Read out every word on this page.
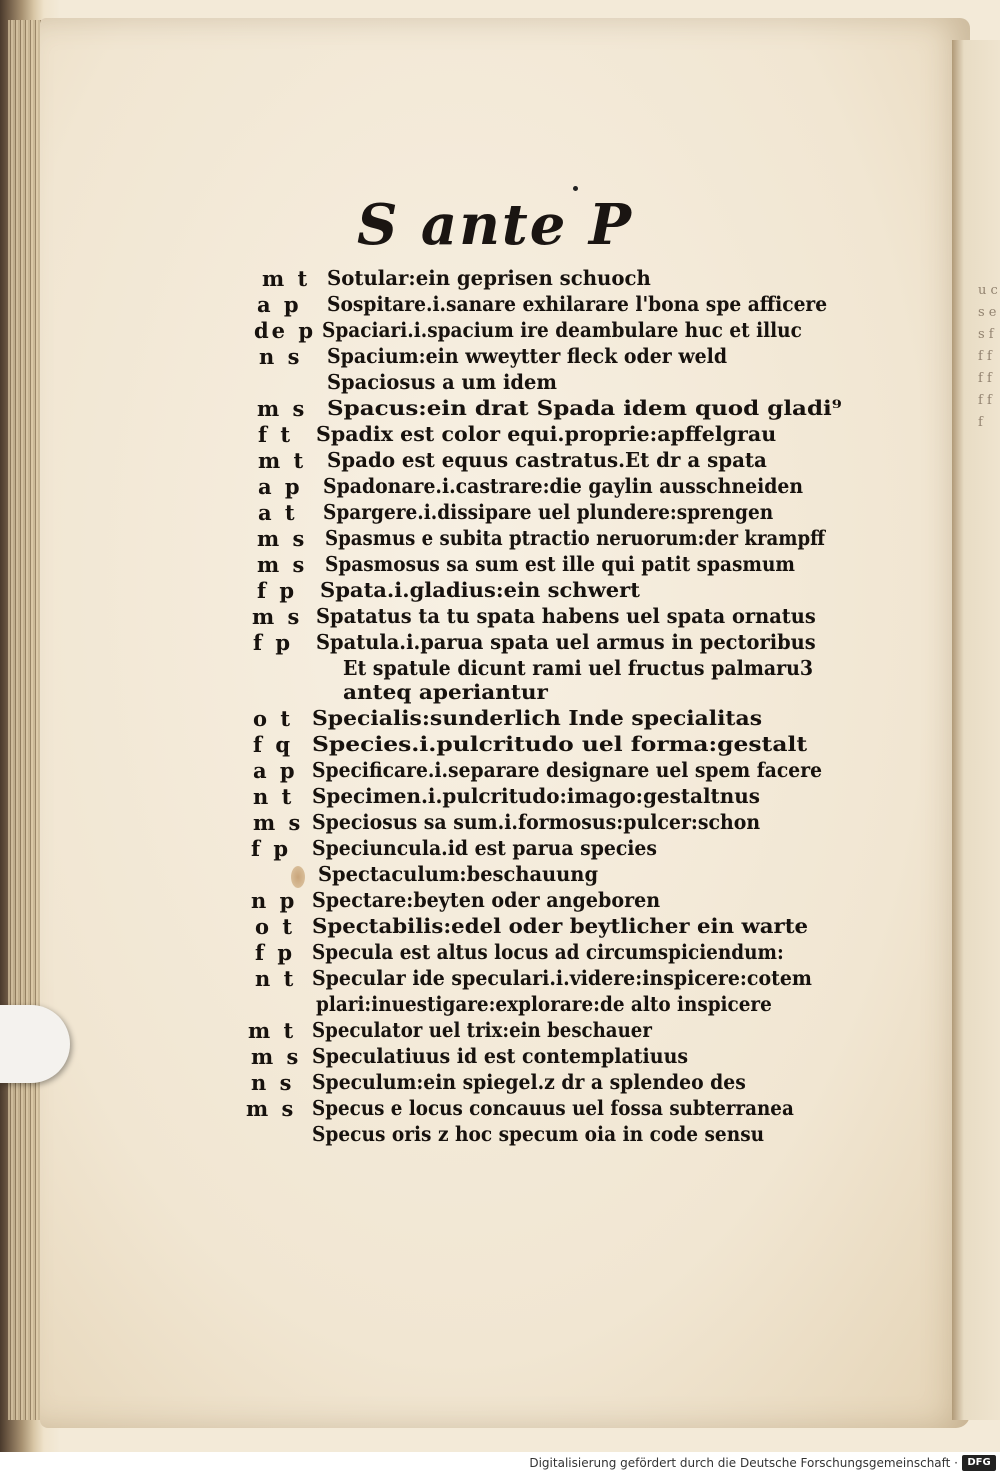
u c s e s f f f f f f f f
S ante P
m t Sotular:ein geprisen schuoch
a p Sospitare.i.sanare exhilarare l'bona spe afficere
de p Spaciari.i.spacium ire deambulare huc et illuc
n s Spacium:ein wweytter fleck oder weld
Spaciosus a um idem
m s Spacus:ein drat Spada idem quod gladi⁹
f t Spadix est color equi.proprie:apffelgrau
m t Spado est equus castratus.Et dr a spata
a p Spadonare.i.castrare:die gaylin ausschneiden
a t Spargere.i.dissipare uel plundere:sprengen
m s Spasmus e subita ptractio neruorum:der krampff
m s Spasmosus sa sum est ille qui patit spasmum
f p Spata.i.gladius:ein schwert
m s Spatatus ta tu spata habens uel spata ornatus
f p Spatula.i.parua spata uel armus in pectoribus
Et spatule dicunt rami uel fructus palmaru3
anteq aperiantur
o t Specialis:sunderlich Inde specialitas
f q Species.i.pulcritudo uel forma:gestalt
a p Specificare.i.separare designare uel spem facere
n t Specimen.i.pulcritudo:imago:gestaltnus
m s Speciosus sa sum.i.formosus:pulcer:schon
f p Speciuncula.id est parua species
Spectaculum:beschauung
n p Spectare:beyten oder angeboren
o t Spectabilis:edel oder beytlicher ein warte
f p Specula est altus locus ad circumspiciendum:
n t Specular ide speculari.i.videre:inspicere:cotem
plari:inuestigare:explorare:de alto inspicere
m t Speculator uel trix:ein beschauer
m s Speculatiuus id est contemplatiuus
n s Speculum:ein spiegel.z dr a splendeo des
m s Specus e locus concauus uel fossa subterranea
Specus oris z hoc specum oia in code sensu
Digitalisierung gefördert durch die Deutsche Forschungsgemeinschaft · DFG
